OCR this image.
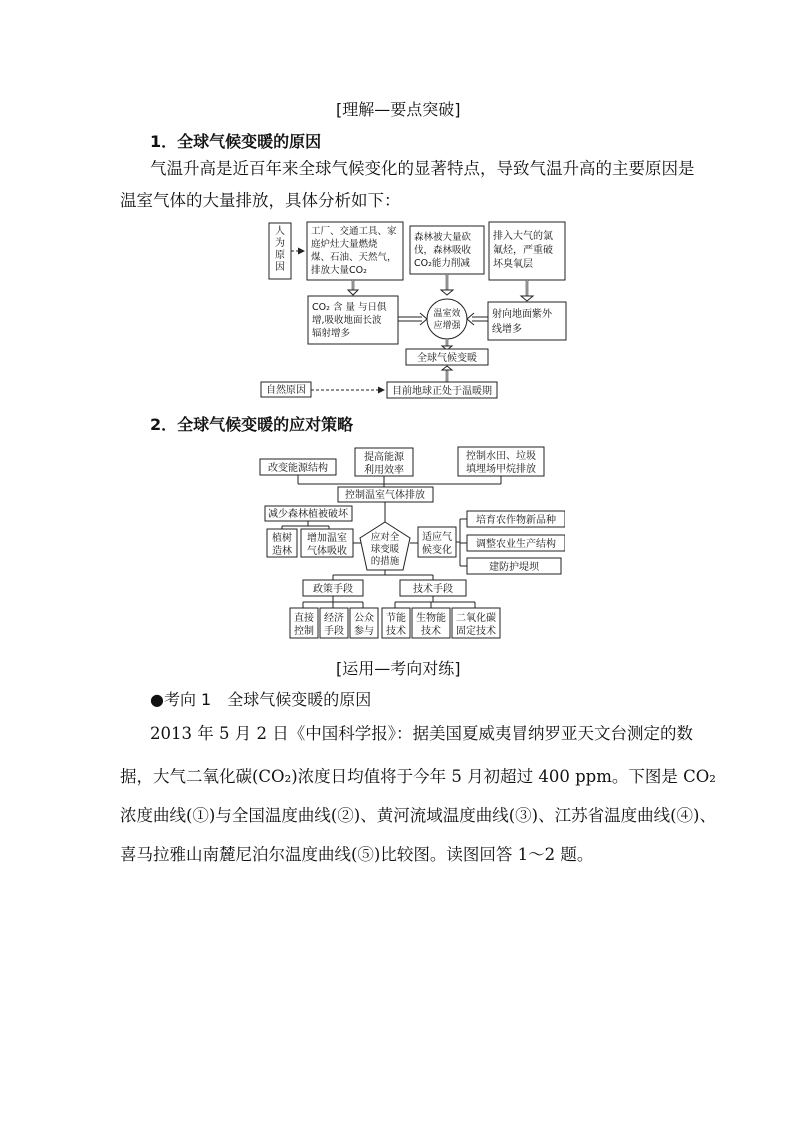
[理解—要点突破]
1．全球气候变暖的原因
气温升高是近百年来全球气候变化的显著特点，导致气温升高的主要原因是
温室气体的大量排放，具体分析如下：
人为原因
工厂、交通工具、家庭炉灶大量燃烧煤、石油、天然气，排放大量CO₂
森林被大量砍伐，森林吸收 CO₂能力削减
排入大气的氯氟烃，严重破坏臭氧层
CO₂ 含 量 与日俱增,吸收地面长波辐射增多
温室效应增强
射向地面紫外线增多
全球气候变暖
自然原因	目前地球正处于温暖期
2．全球气候变暖的应对策略
改变能源结构
提高能源利用效率
控制水田、垃圾填埋场甲烷排放
控制温室气体排放
减少森林植被破坏
植树造林
增加温室气体吸收
应对全球变暖的措施
适应气候变化
培育农作物新品种
调整农业生产结构
建防护堤坝
政策手段	技术手段
直接控制
经济手段
公众参与
节能技术
生物能技术
二氧化碳固定技术
[运用—考向对练]
●考向 1　全球气候变暖的原因
2013 年 5 月 2 日《中国科学报》：据美国夏威夷冒纳罗亚天文台测定的数
据，大气二氧化碳(CO₂)浓度日均值将于今年 5 月初超过 400 ppm。下图是 CO₂
浓度曲线(①)与全国温度曲线(②)、黄河流域温度曲线(③)、江苏省温度曲线(④)、
喜马拉雅山南麓尼泊尔温度曲线(⑤)比较图。读图回答 1～2 题。
